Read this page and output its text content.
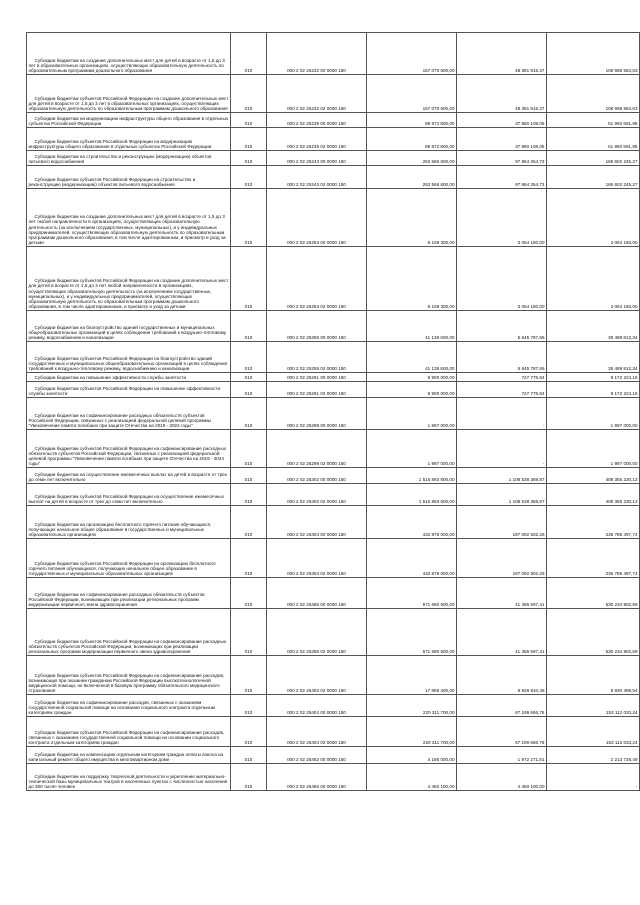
Субсидии бюджетам на создание дополнительных мест для детей в возрасте от 1,5 до 3 лет в образовательных организациях, осуществляющих образовательную деятельность по образовательным программам дошкольного образования	010	000 2 02 25232 00 0000 150	157 070 600,00	48 381 915,37	108 688 684,63

Субсидии бюджетам субъектов Российской Федерации на создание дополнительных мест для детей в возрасте от 1,5 до 3 лет в образовательных организациях, осуществляющих образовательную деятельность по образовательным программам дошкольного образования	010	000 2 02 25232 02 0000 150	157 070 600,00	48 381 915,37	108 688 684,63

Субсидии бюджетам на модернизацию инфраструктуры общего образования в отдельных субъектах Российской Федерации	010	000 2 02 25239 00 0000 150	89 872 800,00	37 880 108,05	51 992 691,95

Субсидии бюджетам субъектов Российской Федерации на модернизацию инфраструктуры общего образования в отдельных субъектах Российской Федерации	010	000 2 02 25239 02 0000 150	89 872 800,00	37 880 108,05	51 992 691,95

Субсидии бюджетам на строительство и реконструкцию (модернизацию) объектов питьевого водоснабжения	010	000 2 02 25243 00 0000 150	263 566 600,00	97 964 354,73	165 602 245,27

Субсидии бюджетам субъектов Российской Федерации на строительство и реконструкцию (модернизацию) объектов питьевого водоснабжения	010	000 2 02 25243 02 0000 150	263 566 600,00	97 964 354,73	165 602 245,27

Субсидии бюджетам на создание дополнительных мест для детей в возрасте от 1,5 до 3 лет любой направленности в организациях, осуществляющих образовательную деятельность (за исключением государственных, муниципальных), и у индивидуальных предпринимателей, осуществляющих образовательную деятельность по образовательным программам дошкольного образования, в том числе адаптированным, и присмотр и уход за детьми	010	000 2 02 25253 00 0000 150	6 108 300,00	3 054 150,00	3 054 150,00

Субсидии бюджетам субъектов Российской Федерации на создание дополнительных мест для детей в возрасте от 1,5 до 3 лет любой направленности в организациях, осуществляющих образовательную деятельность (за исключением государственных, муниципальных), и у индивидуальных предпринимателей, осуществляющих образовательную деятельность по образовательным программам дошкольного образования, в том числе адаптированным, и присмотр и уход за детьми	010	000 2 02 25253 02 0000 150	6 108 300,00	3 054 150,00	3 054 150,00

Субсидии бюджетам на благоустройство зданий государственных и муниципальных общеобразовательных организаций в целях соблюдения требований к воздушно-тепловому режиму, водоснабжению и канализации	010	000 2 02 25255 00 0000 150	41 135 600,00	5 645 787,66	35 489 812,34

Субсидии бюджетам субъектов Российской Федерации на благоустройство зданий государственных и муниципальных общеобразовательных организаций в целях соблюдения требований к воздушно-тепловому режиму, водоснабжению и канализации	010	000 2 02 25255 02 0000 150	41 135 600,00	5 645 787,66	35 489 812,34

Субсидии бюджетам на повышение эффективности службы занятости	010	000 2 02 25291 00 0000 150	9 900 000,00	727 775,84	9 172 224,16

Субсидии бюджетам субъектов Российской Федерации на повышение эффективности службы занятости	010	000 2 02 25291 02 0000 150	9 900 000,00	727 775,84	9 172 224,16

Субсидии бюджетам на софинансирование расходных обязательств субъектов Российской Федерации, связанных с реализацией федеральной целевой программы "Увековечение памяти погибших при защите Отечества на 2019 - 2024 годы"	010	000 2 02 25299 00 0000 150	1 997 000,00	-	1 997 000,00

Субсидии бюджетам субъектов Российской Федерации на софинансирование расходных обязательств субъектов Российской Федерации, связанных с реализацией федеральной целевой программы "Увековечение памяти погибших при защите Отечества на 2019 - 2024 годы"	010	000 2 02 25299 02 0000 150	1 997 000,00	-	1 997 000,00

Субсидии бюджетам на осуществление ежемесячных выплат на детей в возрасте от трех до семи лет включительно	010	000 2 02 25302 00 0000 150	1 516 893 600,00	1 108 538 369,87	408 355 230,13

Субсидии бюджетам субъектов Российской Федерации на осуществление ежемесячных выплат на детей в возрасте от трех до семи лет включительно	010	000 2 02 25302 02 0000 150	1 516 893 600,00	1 108 538 369,87	408 355 230,13

Субсидии бюджетам на организацию бесплатного горячего питания обучающихся, получающих начальное общее образование в государственных и муниципальных образовательных организациях	010	000 2 02 25304 00 0000 150	432 878 000,00	197 092 502,26	235 785 497,74

Субсидии бюджетам субъектов Российской Федерации на организацию бесплатного горячего питания обучающихся, получающих начальное общее образование в государственных и муниципальных образовательных организациях	010	000 2 02 25304 02 0000 150	432 878 000,00	197 092 502,26	235 785 497,74

Субсидии бюджетам на софинансирование расходных обязательств субъектов Российской Федерации, возникающих при реализации региональных программ модернизации первичного звена здравоохранения	010	000 2 02 25365 00 0000 150	571 690 500,00	41 455 597,41	530 234 902,59

Субсидии бюджетам субъектов Российской Федерации на софинансирование расходных обязательств субъектов Российской Федерации, возникающих при реализации региональных программ модернизации первичного звена здравоохранения	010	000 2 02 25365 02 0000 150	571 690 500,00	41 455 597,41	530 234 902,59

Субсидии бюджетам субъектов Российской Федерации на софинансирование расходов, возникающих при оказании гражданам Российской Федерации высокотехнологичной медицинской помощи, не включенной в базовую программу обязательного медицинского страхования	010	000 2 02 25402 02 0000 150	17 859 400,00	8 828 910,46	8 830 489,54

Субсидии бюджетам на софинансирование расходов, связанных с оказанием государственной социальной помощи на основании социального контракта отдельным категориям граждан	010	000 2 02 25404 00 0000 150	220 311 700,00	67 199 666,76	153 112 033,24

Субсидии бюджетам субъектов Российской Федерации на софинансирование расходов, связанных с оказанием государственной социальной помощи на основании социального контракта отдельным категориям граждан	010	000 2 02 25404 02 0000 150	220 311 700,00	67 199 666,76	153 112 033,24

Субсидии бюджетам на компенсацию отдельным категориям граждан оплаты взноса на капитальный ремонт общего имущества в многоквартирном доме	010	000 2 02 25462 00 0000 150	4 186 000,00	1 972 271,51	2 213 728,49

Субсидии бюджетам на поддержку творческой деятельности и укрепление материально-технической базы муниципальных театров в населенных пунктах с численностью населения до 300 тысяч человек	010	000 2 02 25466 00 0000 150	4 450 100,00	4 450 100,00	-
